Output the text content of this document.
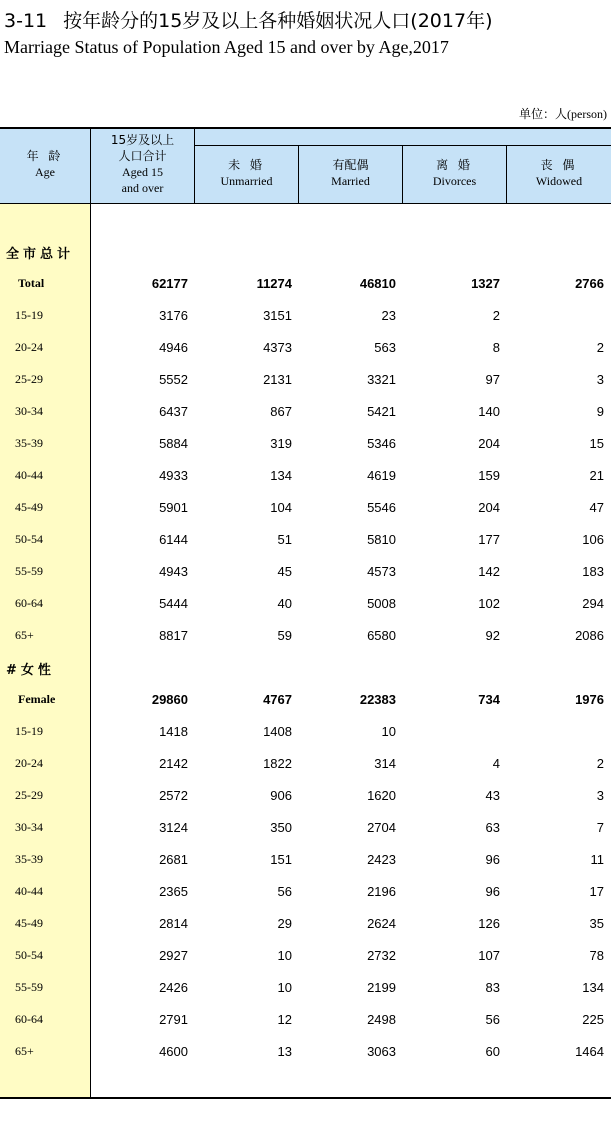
3-11 按年龄分的15岁及以上各种婚姻状况人口(2017年)
Marriage Status of Population Aged 15 and over by Age,2017
单位：人(person)
年 龄
Age
15岁及以上
人口合计
Aged 15
and over
未 婚
Unmarried
有配偶
Married
离 婚
Divorces
丧 偶
Widowed
全市总计
#女性
Total	62177	11274	46810	1327	2766
15-19	3176	3151	23	2
20-24	4946	4373	563	8	2
25-29	5552	2131	3321	97	3
30-34	6437	867	5421	140	9
35-39	5884	319	5346	204	15
40-44	4933	134	4619	159	21
45-49	5901	104	5546	204	47
50-54	6144	51	5810	177	106
55-59	4943	45	4573	142	183
60-64	5444	40	5008	102	294
65+	8817	59	6580	92	2086
Female	29860	4767	22383	734	1976
15-19	1418	1408	10
20-24	2142	1822	314	4	2
25-29	2572	906	1620	43	3
30-34	3124	350	2704	63	7
35-39	2681	151	2423	96	11
40-44	2365	56	2196	96	17
45-49	2814	29	2624	126	35
50-54	2927	10	2732	107	78
55-59	2426	10	2199	83	134
60-64	2791	12	2498	56	225
65+	4600	13	3063	60	1464
